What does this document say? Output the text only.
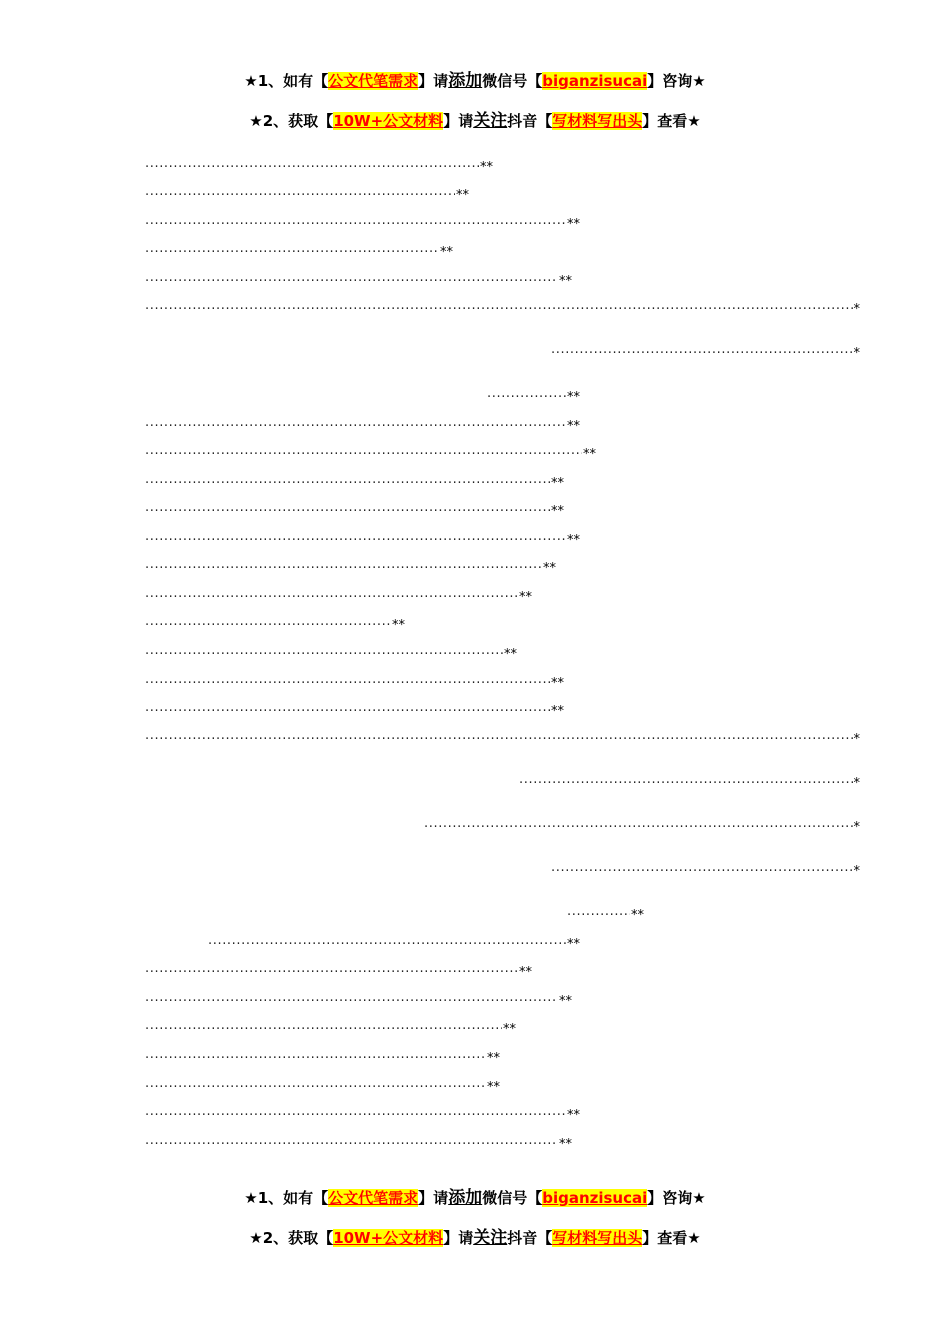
★1、如有【公文代笔需求】请添加微信号【biganzisucai】咨询★
★2、获取【10W+公文材料】请关注抖音【写材料写出头】查看★
.....
**
.....
**
.....
**
.....
**
.....
**
.....
*
.....
*
.....
**
.....
**
.....
**
.....
**
.....
**
.....
**
.....
**
.....
**
.....
**
.....
**
.....
**
.....
**
.....
*
.....
*
.....
*
.....
*
.....
**
.....
**
.....
**
.....
**
.....
**
.....
**
.....
**
.....
**
.....
**
★1、如有【公文代笔需求】请添加微信号【biganzisucai】咨询★
★2、获取【10W+公文材料】请关注抖音【写材料写出头】查看★
